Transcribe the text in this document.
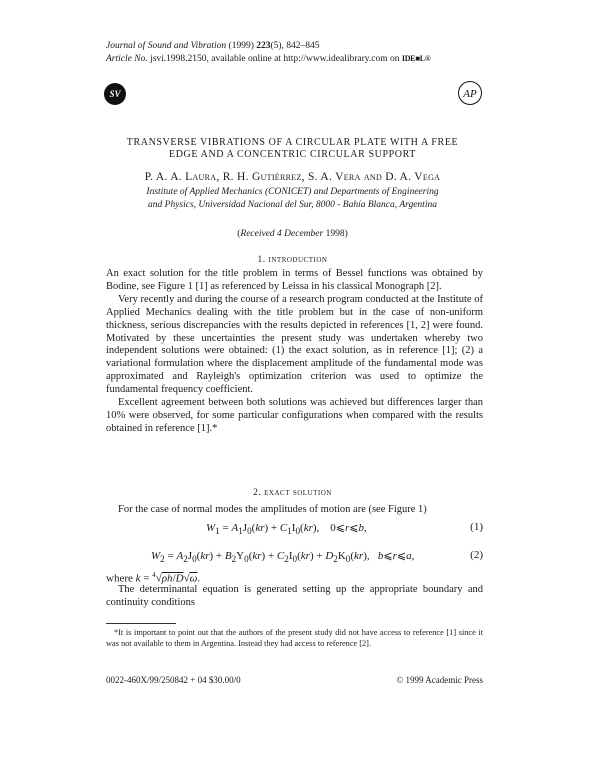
Journal of Sound and Vibration (1999) 223(5), 842–845
Article No. jsvi.1998.2150, available online at http://www.idealibrary.com on IDE■L®
SV	AP
TRANSVERSE VIBRATIONS OF A CIRCULAR PLATE WITH A FREE
EDGE AND A CONCENTRIC CIRCULAR SUPPORT
P. A. A. Laura, R. H. Gutiérrez, S. A. Vera and D. A. Vega
Institute of Applied Mechanics (CONICET) and Departments of Engineering
and Physics, Universidad Nacional del Sur, 8000 - Bahía Blanca, Argentina
(Received 4 December 1998)
1. introduction

An exact solution for the title problem in terms of Bessel functions was obtained by Bodine, see Figure 1 [1] as referenced by Leissa in his classical Monograph [2].

Very recently and during the course of a research program conducted at the Institute of Applied Mechanics dealing with the title problem but in the case of non-uniform thickness, serious discrepancies with the results depicted in references [1, 2] were found. Motivated by these uncertainties the present study was undertaken whereby two independent solutions were obtained: (1) the exact solution, as in reference [1]; (2) a variational formulation where the displacement amplitude of the fundamental mode was approximated and Rayleigh's optimization criterion was used to optimize the fundamental frequency coefficient.

Excellent agreement between both solutions was achieved but differences larger than 10% were observed, for some particular configurations when compared with the results obtained in reference [1].*

2. exact solution

For the case of normal modes the amplitudes of motion are (see Figure 1)

$W_1 = A_1J_0(kr) + C_1I_0(kr)$,    0⩽r⩽b,	(1)
$W_2 = A_2J_0(kr) + B_2Y_0(kr) + C_2I_0(kr) + D_2K_0(kr)$,   b⩽r⩽a,	(2)
where k = $^4$√ρh/D√ω.

The determinantal equation is generated setting up the appropriate boundary and continuity conditions

*It is important to point out that the authors of the present study did not have access to reference [1] since it was not available to them in Argentina. Instead they had access to reference [2].

0022-460X/99/250842 + 04 $30.00/0	© 1999 Academic Press
